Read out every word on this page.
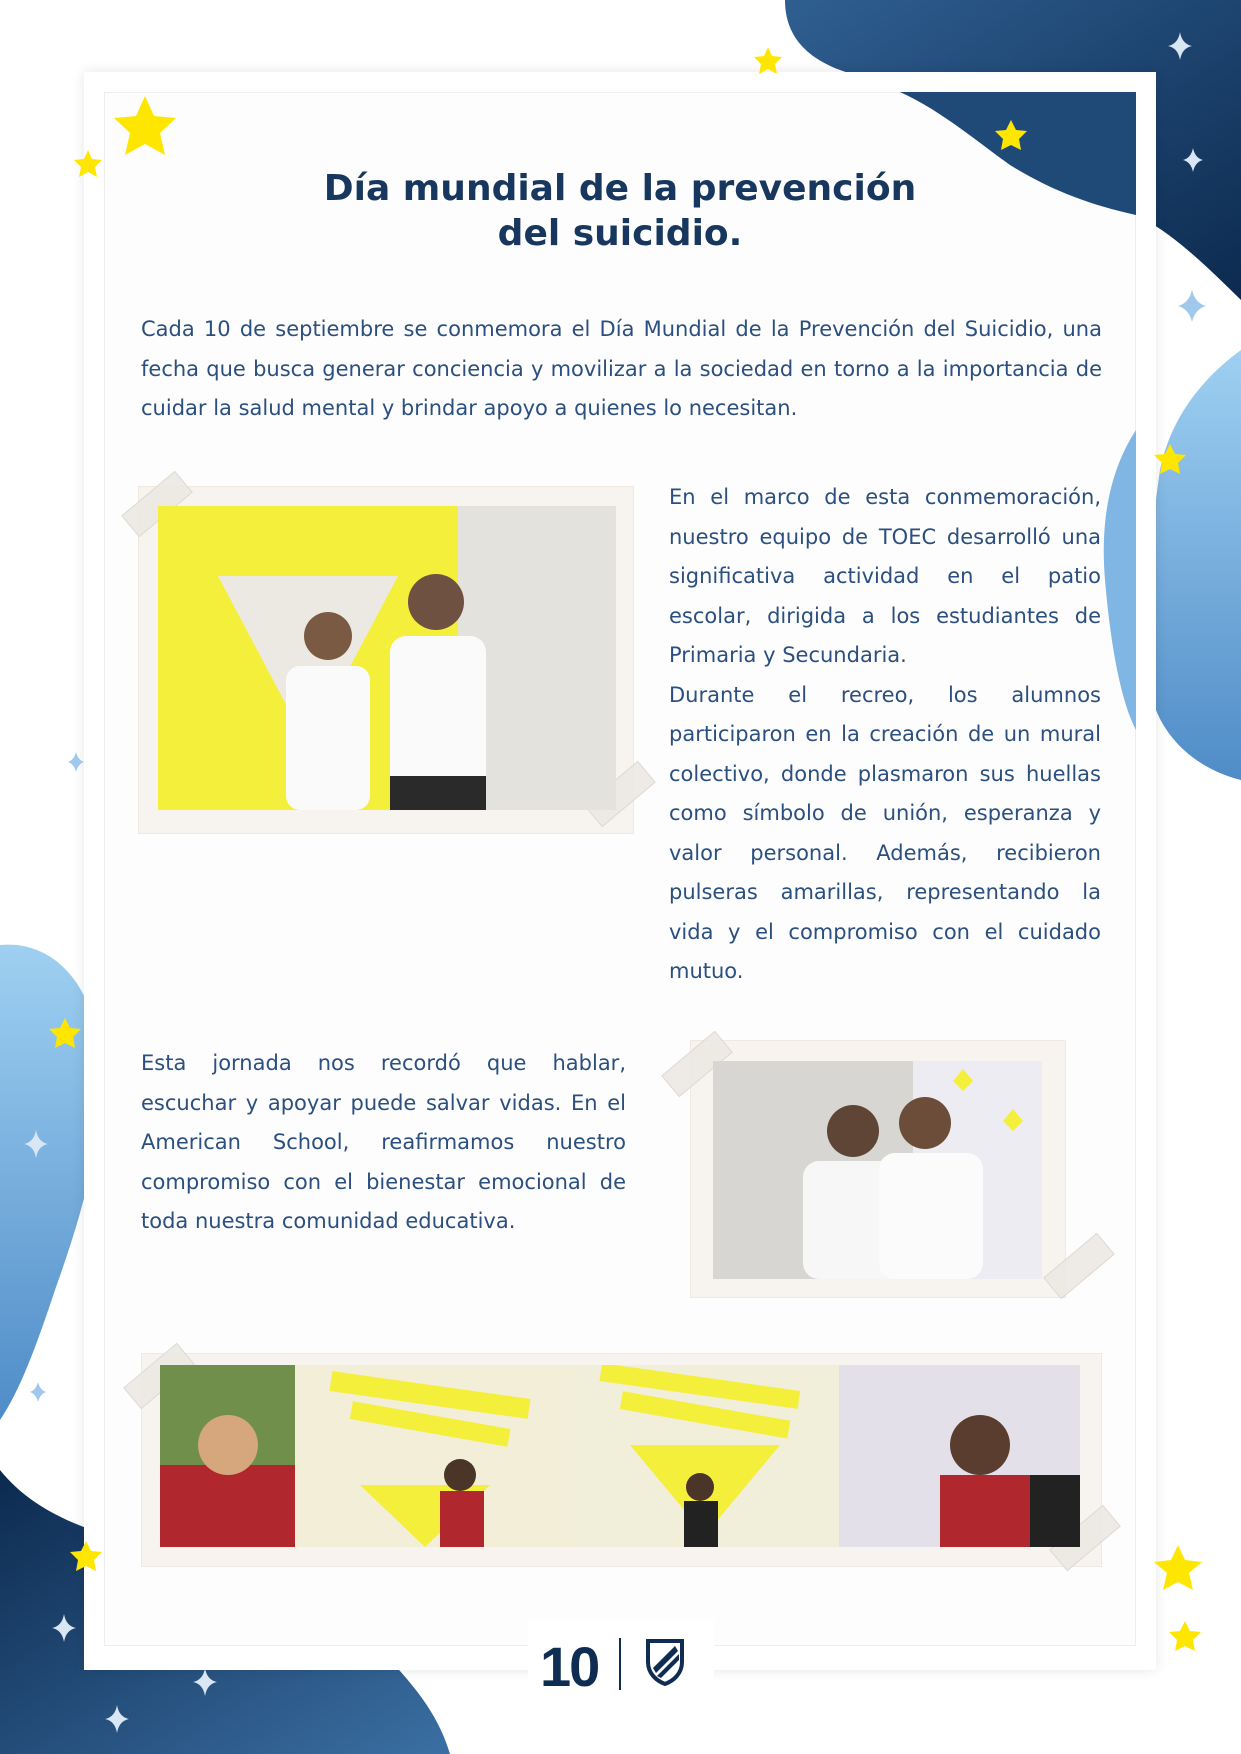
Día mundial de la prevención
del suicidio.

Cada 10 de septiembre se conmemora el Día Mundial de la Prevención del Suicidio, una fecha que busca generar conciencia y movilizar a la sociedad en torno a la importancia de cuidar la salud mental y brindar apoyo a quienes lo necesitan.

En el marco de esta conmemoración, nuestro equipo de TOEC desarrolló una significativa actividad en el patio escolar, dirigida a los estudiantes de Primaria y Secundaria.

Durante el recreo, los alumnos participaron en la creación de un mural colectivo, donde plasmaron sus huellas como símbolo de unión, esperanza y valor personal. Además, recibieron pulseras amarillas, representando la vida y el compromiso con el cuidado mutuo.

Esta jornada nos recordó que hablar, escuchar y apoyar puede salvar vidas. En el American School, reafirmamos nuestro compromiso con el bienestar emocional de toda nuestra comunidad educativa.

10
